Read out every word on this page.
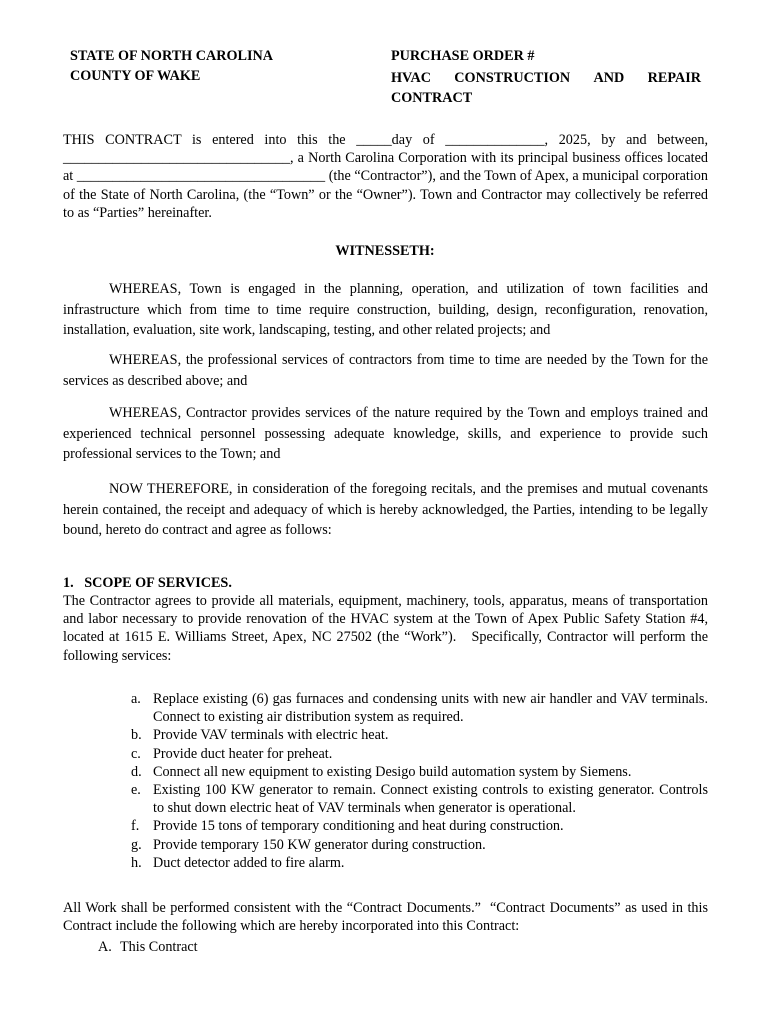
STATE OF NORTH CAROLINA
COUNTY OF WAKE
PURCHASE ORDER #
HVAC CONSTRUCTION AND REPAIR
CONTRACT
THIS CONTRACT is entered into this the _____day of ______________, 2025, by and between, ________________________________, a North Carolina Corporation with its principal business offices located at ___________________________________ (the “Contractor”), and the Town of Apex, a municipal corporation of the State of North Carolina, (the “Town” or the “Owner”). Town and Contractor may collectively be referred to as “Parties” hereinafter.
WITNESSETH:
WHEREAS, Town is engaged in the planning, operation, and utilization of town facilities and infrastructure which from time to time require construction, building, design, reconfiguration, renovation, installation, evaluation, site work, landscaping, testing, and other related projects; and
WHEREAS, the professional services of contractors from time to time are needed by the Town for the services as described above; and
WHEREAS, Contractor provides services of the nature required by the Town and employs trained and experienced technical personnel possessing adequate knowledge, skills, and experience to provide such professional services to the Town; and
NOW THEREFORE, in consideration of the foregoing recitals, and the premises and mutual covenants herein contained, the receipt and adequacy of which is hereby acknowledged, the Parties, intending to be legally bound, hereto do contract and agree as follows:
1.   SCOPE OF SERVICES.
The Contractor agrees to provide all materials, equipment, machinery, tools, apparatus, means of transportation and labor necessary to provide renovation of the HVAC system at the Town of Apex Public Safety Station #4, located at 1615 E. Williams Street, Apex, NC 27502 (the “Work”).   Specifically, Contractor will perform the following services:
a. Replace existing (6) gas furnaces and condensing units with new air handler and VAV terminals. Connect to existing air distribution system as required.
b. Provide VAV terminals with electric heat.
c. Provide duct heater for preheat.
d. Connect all new equipment to existing Desigo build automation system by Siemens.
e. Existing 100 KW generator to remain. Connect existing controls to existing generator. Controls to shut down electric heat of VAV terminals when generator is operational.
f. Provide 15 tons of temporary conditioning and heat during construction.
g. Provide temporary 150 KW generator during construction.
h. Duct detector added to fire alarm.
All Work shall be performed consistent with the “Contract Documents.”  “Contract Documents” as used in this Contract include the following which are hereby incorporated into this Contract:
A. This Contract
